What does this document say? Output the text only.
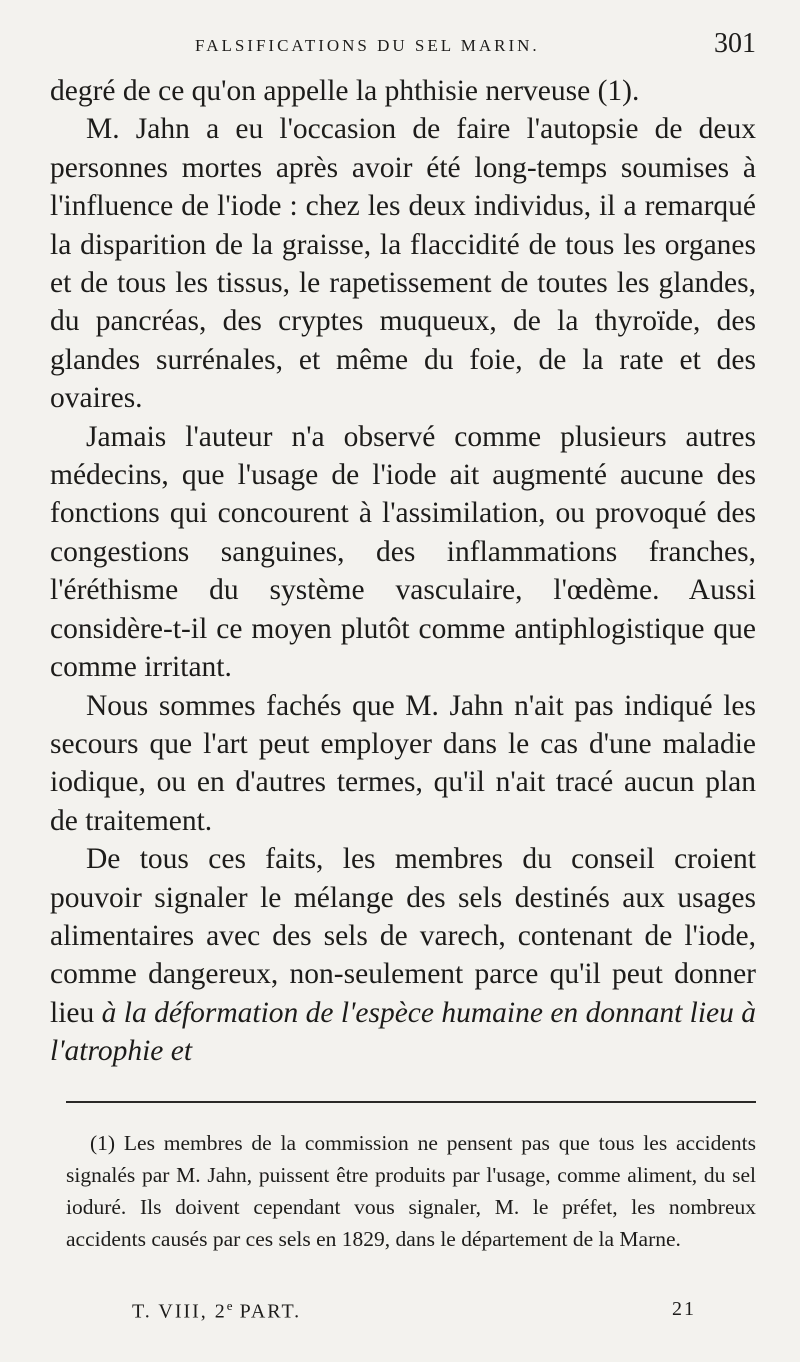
FALSIFICATIONS DU SEL MARIN.	301

degré de ce qu'on appelle la phthisie nerveuse (1).

M. Jahn a eu l'occasion de faire l'autopsie de deux personnes mortes après avoir été long-temps soumises à l'influence de l'iode : chez les deux individus, il a remarqué la disparition de la graisse, la flaccidité de tous les organes et de tous les tissus, le rapetissement de toutes les glandes, du pancréas, des cryptes muqueux, de la thyroïde, des glandes surrénales, et même du foie, de la rate et des ovaires.

Jamais l'auteur n'a observé comme plusieurs autres médecins, que l'usage de l'iode ait augmenté aucune des fonctions qui concourent à l'assimilation, ou provoqué des congestions sanguines, des inflammations franches, l'éréthisme du système vasculaire, l'œdème. Aussi considère-t-il ce moyen plutôt comme antiphlogistique que comme irritant.

Nous sommes fachés que M. Jahn n'ait pas indiqué les secours que l'art peut employer dans le cas d'une maladie iodique, ou en d'autres termes, qu'il n'ait tracé aucun plan de traitement.

De tous ces faits, les membres du conseil croient pouvoir signaler le mélange des sels destinés aux usages alimentaires avec des sels de varech, contenant de l'iode, comme dangereux, non-seulement parce qu'il peut donner lieu à la déformation de l'espèce humaine en donnant lieu à l'atrophie et

(1) Les membres de la commission ne pensent pas que tous les accidents signalés par M. Jahn, puissent être produits par l'usage, comme aliment, du sel ioduré. Ils doivent cependant vous signaler, M. le préfet, les nombreux accidents causés par ces sels en 1829, dans le département de la Marne.

T. VIII, 2e PART.	21
